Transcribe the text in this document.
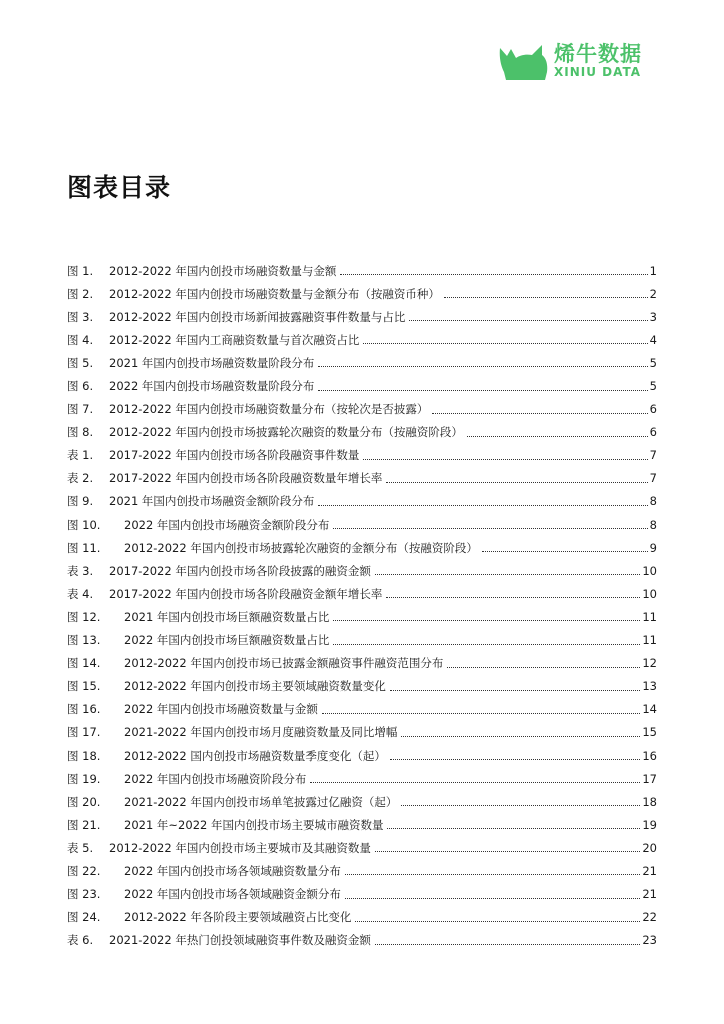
烯牛数据
XINIU DATA
图表目录
图 1.	2012-2022 年国内创投市场融资数量与金额	1
图 2.	2012-2022 年国内创投市场融资数量与金额分布（按融资币种）	2
图 3.	2012-2022 年国内创投市场新闻披露融资事件数量与占比	3
图 4.	2012-2022 年国内工商融资数量与首次融资占比	4
图 5.	2021 年国内创投市场融资数量阶段分布	5
图 6.	2022 年国内创投市场融资数量阶段分布	5
图 7.	2012-2022 年国内创投市场融资数量分布（按轮次是否披露）	6
图 8.	2012-2022 年国内创投市场披露轮次融资的数量分布（按融资阶段）	6
表 1.	2017-2022 年国内创投市场各阶段融资事件数量	7
表 2.	2017-2022 年国内创投市场各阶段融资数量年增长率	7
图 9.	2021 年国内创投市场融资金额阶段分布	8
图 10.	2022 年国内创投市场融资金额阶段分布	8
图 11.	2012-2022 年国内创投市场披露轮次融资的金额分布（按融资阶段）	9
表 3.	2017-2022 年国内创投市场各阶段披露的融资金额	10
表 4.	2017-2022 年国内创投市场各阶段融资金额年增长率	10
图 12.	2021 年国内创投市场巨额融资数量占比	11
图 13.	2022 年国内创投市场巨额融资数量占比	11
图 14.	2012-2022 年国内创投市场已披露金额融资事件融资范围分布	12
图 15.	2012-2022 年国内创投市场主要领域融资数量变化	13
图 16.	2022 年国内创投市场融资数量与金额	14
图 17.	2021-2022 年国内创投市场月度融资数量及同比增幅	15
图 18.	2012-2022 国内创投市场融资数量季度变化（起）	16
图 19.	2022 年国内创投市场融资阶段分布	17
图 20.	2021-2022 年国内创投市场单笔披露过亿融资（起）	18
图 21.	2021 年~2022 年国内创投市场主要城市融资数量	19
表 5.	2012-2022 年国内创投市场主要城市及其融资数量	20
图 22.	2022 年国内创投市场各领域融资数量分布	21
图 23.	2022 年国内创投市场各领域融资金额分布	21
图 24.	2012-2022 年各阶段主要领域融资占比变化	22
表 6.	2021-2022 年热门创投领域融资事件数及融资金额	23
